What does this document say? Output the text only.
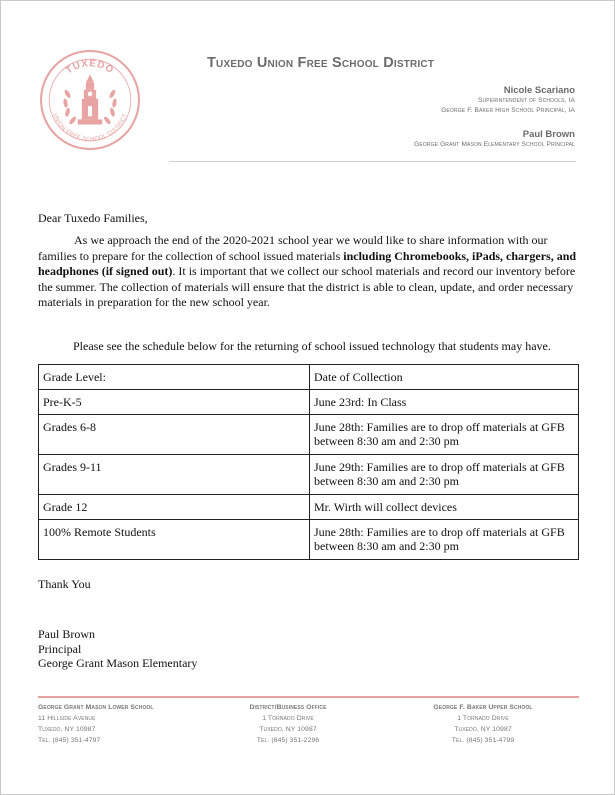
TUXEDO
UNION FREE SCHOOL DISTRICT
Tuxedo Union Free School District
Nicole Scariano
Superintendent of Schools, IA
George F. Baker High School Principal, IA
Paul Brown
George Grant Mason Elementary School Principal
Dear Tuxedo Families,

As we approach the end of the 2020-2021 school year we would like to share information with our families to prepare for the collection of school issued materials including Chromebooks, iPads, chargers, and headphones (if signed out). It is important that we collect our school materials and record our inventory before the summer. The collection of materials will ensure that the district is able to clean, update, and order necessary materials in preparation for the new school year.

Please see the schedule below for the returning of school issued technology that students may have.
Grade Level:	Date of Collection
Pre-K-5	June 23rd: In Class
Grades 6-8	June 28th: Families are to drop off materials at GFB between 8:30 am and 2:30 pm
Grades 9-11	June 29th: Families are to drop off materials at GFB between 8:30 am and 2:30 pm
Grade 12	Mr. Wirth will collect devices
100% Remote Students	June 28th: Families are to drop off materials at GFB between 8:30 am and 2:30 pm
Thank You
Paul Brown
Principal
George Grant Mason Elementary
George Grant Mason Lower School
11 Hillside Avenue
Tuxedo, NY 10987
Tel. (845) 351-4797
District/Business Office
1 Tornado Drive
Tuxedo, NY 10987
Tel. (845) 351-2296
George F. Baker Upper School
1 Tornado Drive
Tuxedo, NY 10987
Tel. (845) 351-4799
